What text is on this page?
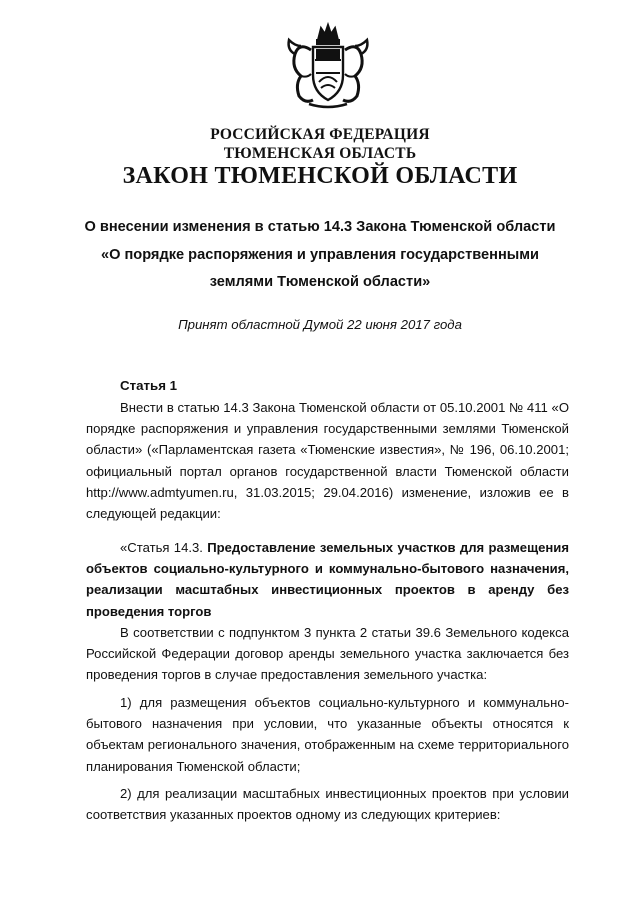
РОССИЙСКАЯ ФЕДЕРАЦИЯ
ТЮМЕНСКАЯ ОБЛАСТЬ
ЗАКОН ТЮМЕНСКОЙ ОБЛАСТИ
О внесении изменения в статью 14.3 Закона Тюменской области
«О порядке распоряжения и управления государственными
землями Тюменской области»
Принят областной Думой 22 июня 2017 года
Статья 1

Внести в статью 14.3 Закона Тюменской области от 05.10.2001 № 411 «О порядке распоряжения и управления государственными землями Тюменской области» («Парламентская газета «Тюменские известия», № 196, 06.10.2001; официальный портал органов государственной власти Тюменской области http://www.admtyumen.ru, 31.03.2015; 29.04.2016) изменение, изложив ее в следующей редакции:

«Статья 14.3. Предоставление земельных участков для размещения объектов социально-культурного и коммунально-бытового назначения, реализации масштабных инвестиционных проектов в аренду без проведения торгов

В соответствии с подпунктом 3 пункта 2 статьи 39.6 Земельного кодекса Российской Федерации договор аренды земельного участка заключается без проведения торгов в случае предоставления земельного участка:

1) для размещения объектов социально-культурного и коммунально-бытового назначения при условии, что указанные объекты относятся к объектам регионального значения, отображенным на схеме территориального планирования Тюменской области;

2) для реализации масштабных инвестиционных проектов при условии соответствия указанных проектов одному из следующих критериев:
